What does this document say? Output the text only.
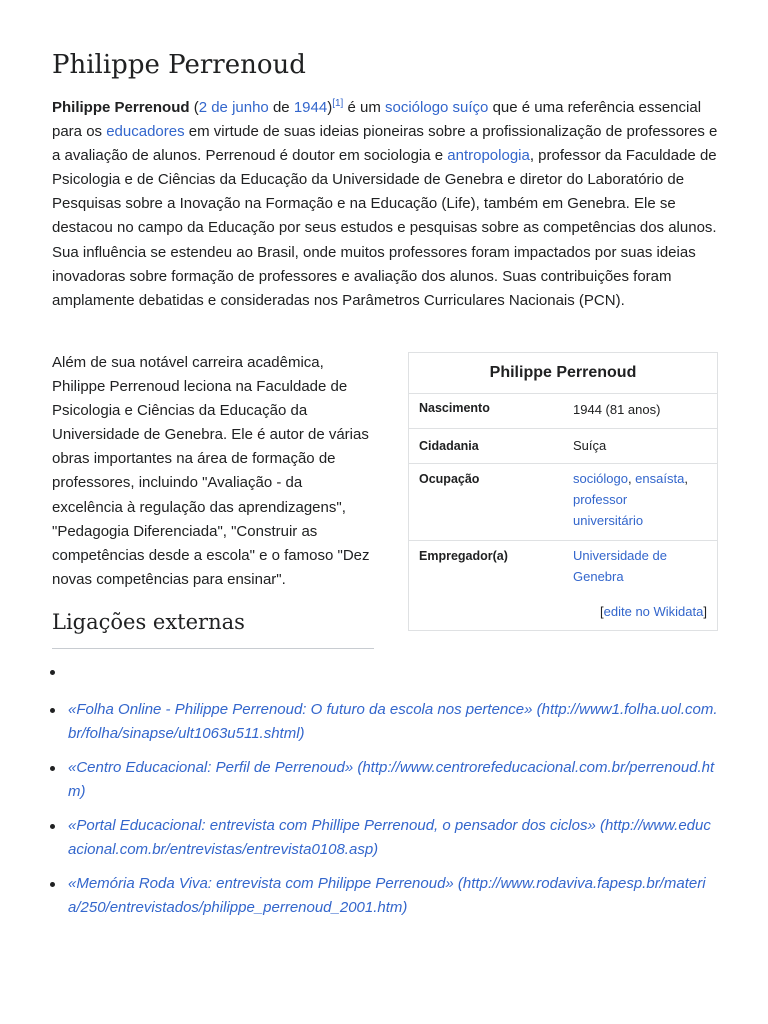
Philippe Perrenoud

Philippe Perrenoud (2 de junho de 1944)[1] é um sociólogo suíço que é uma referência essencial para os educadores em virtude de suas ideias pioneiras sobre a profissionalização de professores e a avaliação de alunos. Perrenoud é doutor em sociologia e antropologia, professor da Faculdade de Psicologia e de Ciências da Educação da Universidade de Genebra e diretor do Laboratório de Pesquisas sobre a Inovação na Formação e na Educação (Life), também em Genebra. Ele se destacou no campo da Educação por seus estudos e pesquisas sobre as competências dos alunos. Sua influência se estendeu ao Brasil, onde muitos professores foram impactados por suas ideias inovadoras sobre formação de professores e avaliação dos alunos. Suas contribuições foram amplamente debatidas e consideradas nos Parâmetros Curriculares Nacionais (PCN).

Além de sua notável carreira acadêmica, Philippe Perrenoud leciona na Faculdade de Psicologia e Ciências da Educação da Universidade de Genebra. Ele é autor de várias obras importantes na área de formação de professores, incluindo "Avaliação - da excelência à regulação das aprendizagens", "Pedagogia Diferenciada", "Construir as competências desde a escola" e o famoso "Dez novas competências para ensinar".

Philippe Perrenoud
Nascimento	1944 (81 anos)
Cidadania	Suíça
Ocupação	sociólogo, ensaísta,
professor
universitário
Empregador(a)	Universidade de
Genebra
[edite no Wikidata]
Ligações externas
«Folha Online - Philippe Perrenoud: O futuro da escola nos pertence» (http://www1.folha.uol.com.
br/folha/sinapse/ult1063u511.shtml)
«Centro Educacional: Perfil de Perrenoud» (http://www.centrorefeducacional.com.br/perrenoud.ht
m)
«Portal Educacional: entrevista com Phillipe Perrenoud, o pensador dos ciclos» (http://www.educ
acional.com.br/entrevistas/entrevista0108.asp)
«Memória Roda Viva: entrevista com Philippe Perrenoud» (http://www.rodaviva.fapesp.br/materi
a/250/entrevistados/philippe_perrenoud_2001.htm)
